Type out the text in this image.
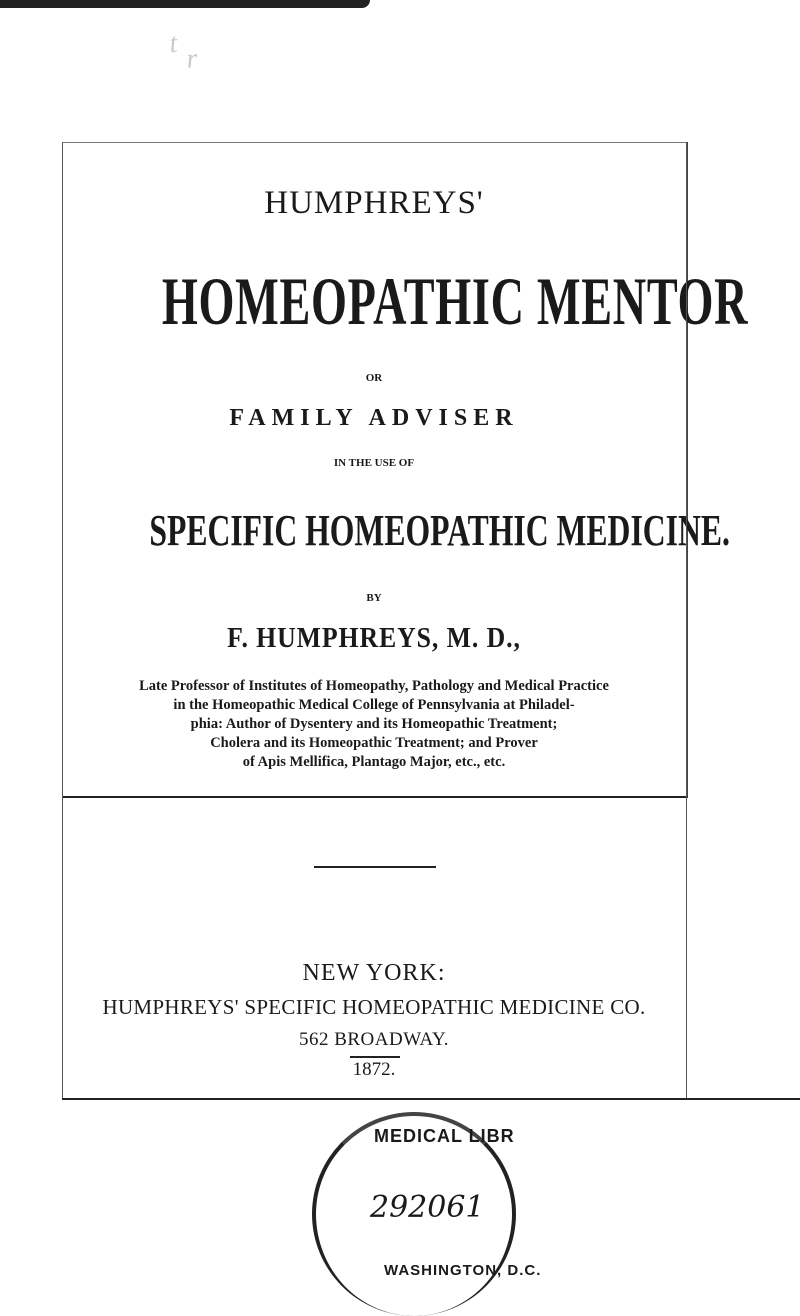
ᵗ ᵣ
HUMPHREYS'
HOMEOPATHIC MENTOR
OR
FAMILY ADVISER
IN THE USE OF
SPECIFIC HOMEOPATHIC MEDICINE.
BY
F. HUMPHREYS, M. D.,
Late Professor of Institutes of Homeopathy, Pathology and Medical Practice
in the Homeopathic Medical College of Pennsylvania at Philadel-
phia: Author of Dysentery and its Homeopathic Treatment;
Cholera and its Homeopathic Treatment; and Prover
of Apis Mellifica, Plantago Major, etc., etc.
NEW YORK:
HUMPHREYS' SPECIFIC HOMEOPATHIC MEDICINE CO.
562 BROADWAY.
1872.
MEDICAL LIBR
292061
WASHINGTON, D.C.
